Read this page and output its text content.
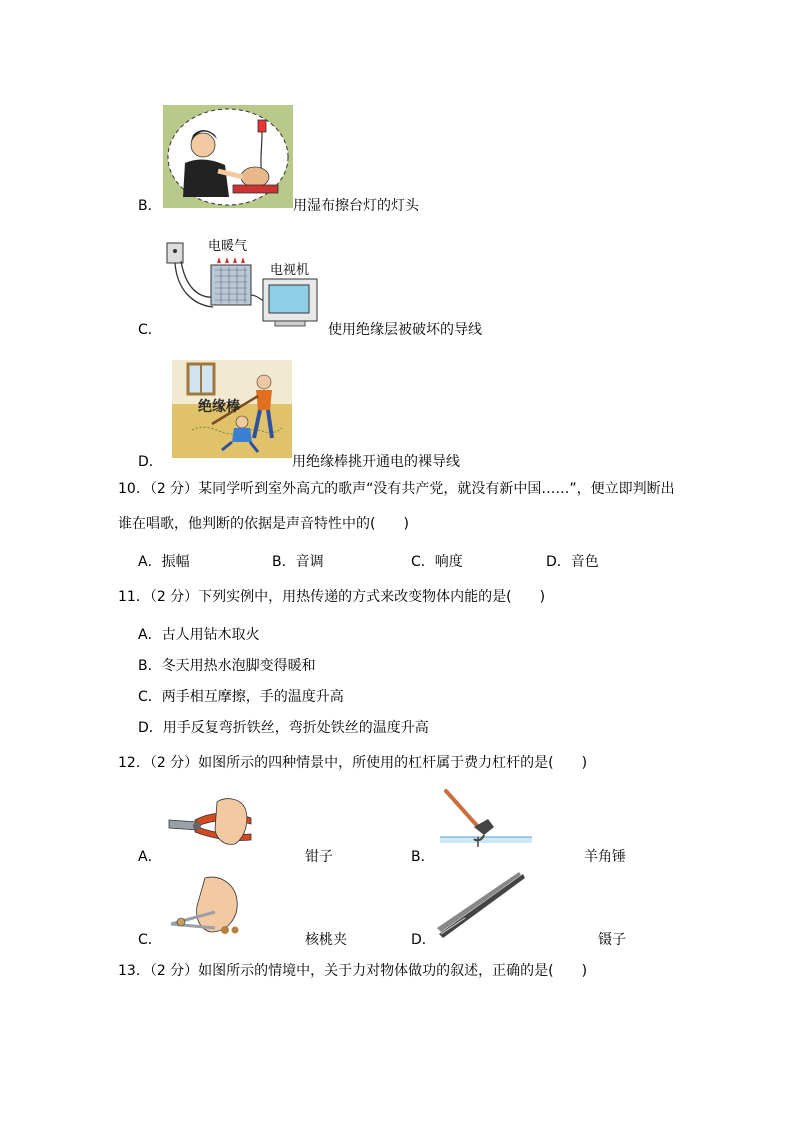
B．	用湿布擦台灯的灯头
电暖气
电视机
C．	使用绝缘层被破坏的导线
绝缘棒
D．	用绝缘棒挑开通电的裸导线
10．（2 分）某同学听到室外高亢的歌声“没有共产党，就没有新中国……”，便立即判断出
谁在唱歌，他判断的依据是声音特性中的(　　)
A．振幅	B．音调	C．响度	D．音色
11．（2 分）下列实例中，用热传递的方式来改变物体内能的是(　　)
A．古人用钻木取火
B．冬天用热水泡脚变得暖和
C．两手相互摩擦，手的温度升高
D．用手反复弯折铁丝，弯折处铁丝的温度升高
12．（2 分）如图所示的四种情景中，所使用的杠杆属于费力杠杆的是(　　)
A．	钳子	B．	羊角锤
C．	核桃夹	D．	镊子
13．（2 分）如图所示的情境中，关于力对物体做功的叙述，正确的是(　　)
